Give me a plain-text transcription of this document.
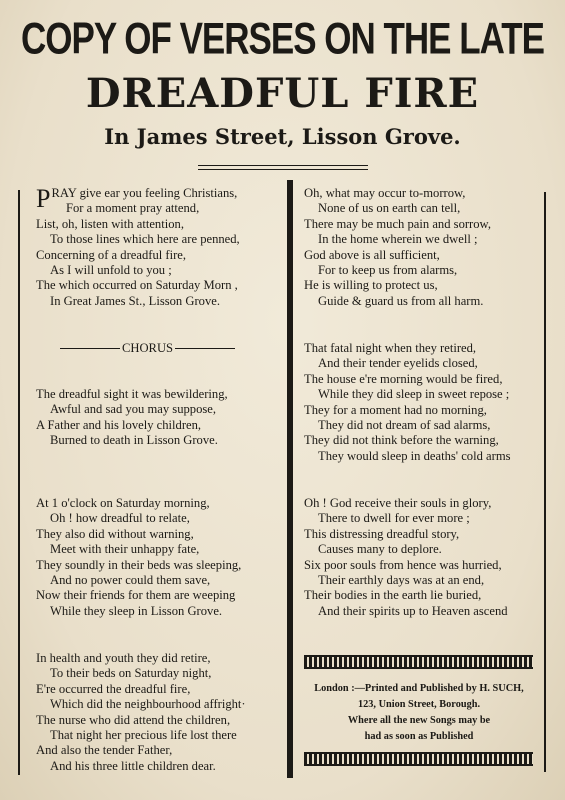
COPY OF VERSES ON THE LATE
DREADFUL FIRE
In James Street, Lisson Grove.
P RAY give ear you feeling Christians,
For a moment pray attend,
List, oh, listen with attention,
To those lines which here are penned,
Concerning of a dreadful fire,
As I will unfold to you ;
The which occurred on Saturday Morn ,
In Great James St., Lisson Grove.
CHORUS
The dreadful sight it was bewildering,
Awful and sad you may suppose,
A Father and his lovely children,
Burned to death in Lisson Grove.
At 1 o'clock on Saturday morning,
Oh ! how dreadful to relate,
They also did without warning,
Meet with their unhappy fate,
They soundly in their beds was sleeping,
And no power could them save,
Now their friends for them are weeping
While they sleep in Lisson Grove.
In health and youth they did retire,
To their beds on Saturday night,
E're occurred the dreadful fire,
Which did the neighbourhood affright·
The nurse who did attend the children,
That night her precious life lost there
And also the tender Father,
And his three little children dear.
Oh, what may occur to-morrow,
None of us on earth can tell,
There may be much pain and sorrow,
In the home wherein we dwell ;
God above is all sufficient,
For to keep us from alarms,
He is willing to protect us,
Guide & guard us from all harm.
That fatal night when they retired,
And their tender eyelids closed,
The house e're morning would be fired,
While they did sleep in sweet repose ;
They for a moment had no morning,
They did not dream of sad alarms,
They did not think before the warning,
They would sleep in deaths' cold arms
Oh ! God receive their souls in glory,
There to dwell for ever more ;
This distressing dreadful story,
Causes many to deplore.
Six poor souls from hence was hurried,
Their earthly days was at an end,
Their bodies in the earth lie buried,
And their spirits up to Heaven ascend
London :—Printed and Published by H. SUCH,
123, Union Street, Borough.
Where all the new Songs may be
had as soon as Published
